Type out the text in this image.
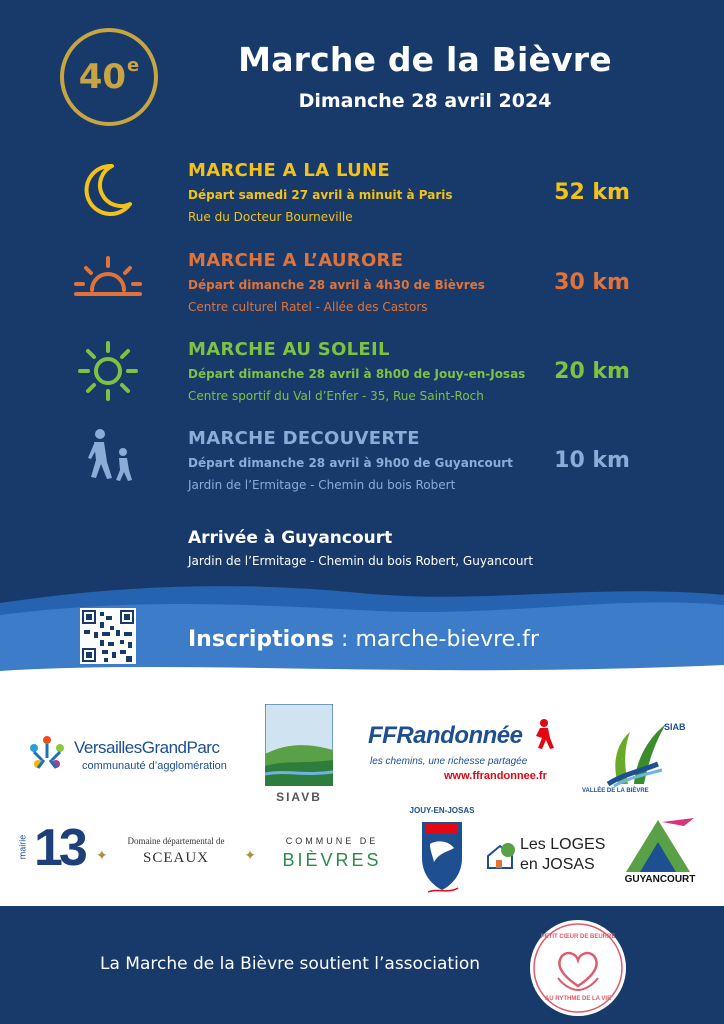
40e	Marche de la Bièvre
Dimanche 28 avril 2024
MARCHE A LA LUNE
Départ samedi 27 avril à minuit à Paris
Rue du Docteur Bourneville
52 km
MARCHE A L’AURORE
Départ dimanche 28 avril à 4h30 de Bièvres
Centre culturel Ratel - Allée des Castors
30 km
MARCHE AU SOLEIL
Départ dimanche 28 avril à 8h00 de Jouy-en-Josas
Centre sportif du Val d’Enfer - 35, Rue Saint-Roch
20 km
MARCHE DECOUVERTE
Départ dimanche 28 avril à 9h00 de Guyancourt
Jardin de l’Ermitage - Chemin du bois Robert
10 km
Arrivée à Guyancourt
Jardin de l’Ermitage - Chemin du bois Robert, Guyancourt
Inscriptions : marche-bievre.fr
VersaillesGrandParc
communauté d’agglomération
SIAVB
FFRandonnée
les chemins, une richesse partagée
www.ffrandonnee.fr
SIAB
VALLÉE DE LA BIÈVRE
mairie 13	Domaine départemental de
SCEAUX
✦	✦
COMMUNE DE
BIÈVRES
JOUY-EN-JOSAS
Les LOGES
en JOSAS
GUYANCOURT
La Marche de la Bièvre soutient l’association
PETIT CŒUR DE BEURRE
AU RYTHME DE LA VIE
